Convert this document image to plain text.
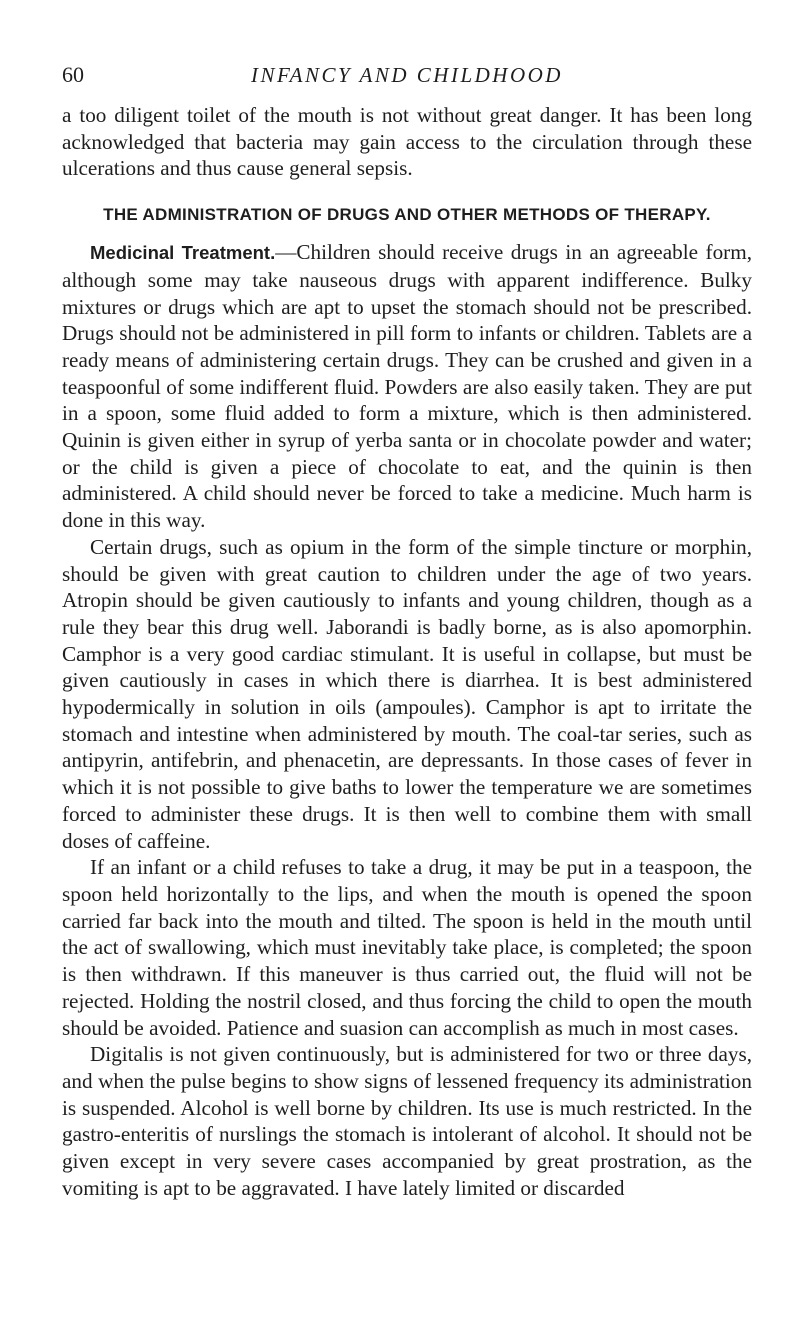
60	INFANCY AND CHILDHOOD

a too diligent toilet of the mouth is not without great danger. It has been long acknowledged that bacteria may gain access to the circulation through these ulcerations and thus cause general sepsis.

THE ADMINISTRATION OF DRUGS AND OTHER METHODS OF THERAPY.

Medicinal Treatment.—Children should receive drugs in an agreeable form, although some may take nauseous drugs with apparent indifference. Bulky mixtures or drugs which are apt to upset the stomach should not be prescribed. Drugs should not be administered in pill form to infants or children. Tablets are a ready means of administering certain drugs. They can be crushed and given in a teaspoonful of some indifferent fluid. Powders are also easily taken. They are put in a spoon, some fluid added to form a mixture, which is then administered. Quinin is given either in syrup of yerba santa or in chocolate powder and water; or the child is given a piece of chocolate to eat, and the quinin is then administered. A child should never be forced to take a medicine. Much harm is done in this way.

Certain drugs, such as opium in the form of the simple tincture or morphin, should be given with great caution to children under the age of two years. Atropin should be given cautiously to infants and young children, though as a rule they bear this drug well. Jaborandi is badly borne, as is also apomorphin. Camphor is a very good cardiac stimulant. It is useful in collapse, but must be given cautiously in cases in which there is diarrhea. It is best administered hypodermically in solution in oils (ampoules). Camphor is apt to irritate the stomach and intestine when administered by mouth. The coal-tar series, such as antipyrin, antifebrin, and phenacetin, are depressants. In those cases of fever in which it is not possible to give baths to lower the temperature we are sometimes forced to administer these drugs. It is then well to combine them with small doses of caffeine.

If an infant or a child refuses to take a drug, it may be put in a teaspoon, the spoon held horizontally to the lips, and when the mouth is opened the spoon carried far back into the mouth and tilted. The spoon is held in the mouth until the act of swallowing, which must inevitably take place, is completed; the spoon is then withdrawn. If this maneuver is thus carried out, the fluid will not be rejected. Holding the nostril closed, and thus forcing the child to open the mouth should be avoided. Patience and suasion can accomplish as much in most cases.

Digitalis is not given continuously, but is administered for two or three days, and when the pulse begins to show signs of lessened frequency its administration is suspended. Alcohol is well borne by children. Its use is much restricted. In the gastro-enteritis of nurslings the stomach is intolerant of alcohol. It should not be given except in very severe cases accompanied by great prostration, as the vomiting is apt to be aggravated. I have lately limited or discarded
